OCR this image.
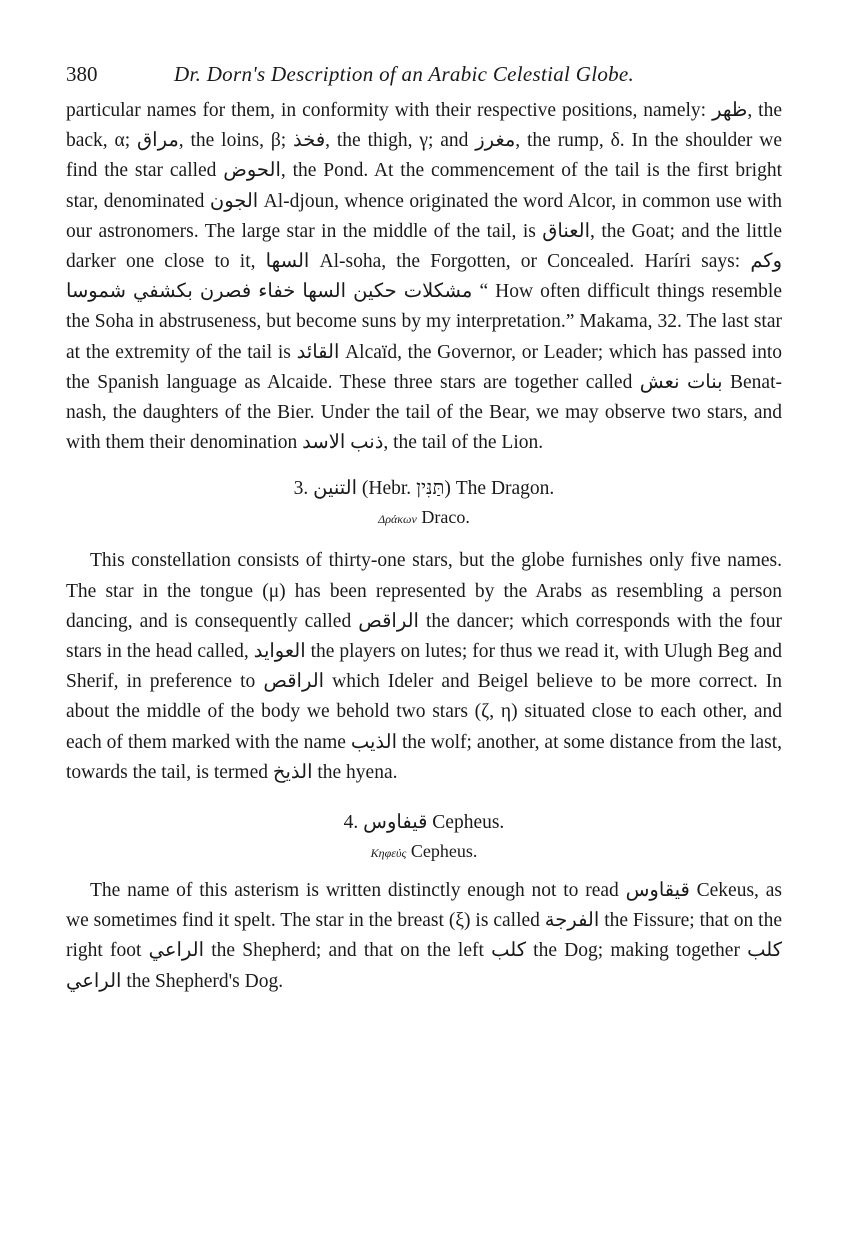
380	Dr. Dorn's Description of an Arabic Celestial Globe.

particular names for them, in conformity with their respective positions, namely: ظهر, the back, α; مراق, the loins, β; فخذ, the thigh, γ; and مغرز, the rump, δ. In the shoulder we find the star called الحوض, the Pond. At the commencement of the tail is the first bright star, denominated الجون Al-djoun, whence originated the word Alcor, in common use with our astronomers. The large star in the middle of the tail, is العناق, the Goat; and the little darker one close to it, السها Al-soha, the Forgotten, or Concealed. Haríri says: وكم مشكلات حكين السها خفاء فصرن بكشفي شموسا “ How often difficult things resemble the Soha in abstruseness, but become suns by my interpretation.” Makama, 32. The last star at the extremity of the tail is القائد Alcaïd, the Governor, or Leader; which has passed into the Spanish language as Alcaide. These three stars are together called بنات نعش Benat-nash, the daughters of the Bier. Under the tail of the Bear, we may observe two stars, and with them their denomination ذنب الاسد, the tail of the Lion.

3. التنين (Hebr. תַּנִּין) The Dragon.
Δράκων Draco.

This constellation consists of thirty-one stars, but the globe furnishes only five names. The star in the tongue (μ) has been represented by the Arabs as resembling a person dancing, and is consequently called الراقص the dancer; which corresponds with the four stars in the head called, العوايد the players on lutes; for thus we read it, with Ulugh Beg and Sherif, in preference to الراقص which Ideler and Beigel believe to be more correct. In about the middle of the body we behold two stars (ζ, η) situated close to each other, and each of them marked with the name الذيب the wolf; another, at some distance from the last, towards the tail, is termed الذيخ the hyena.

4. قيفاوس Cepheus.
Κηφεύς Cepheus.

The name of this asterism is written distinctly enough not to read قيقاوس Cekeus, as we sometimes find it spelt. The star in the breast (ξ) is called الفرجة the Fissure; that on the right foot الراعي the Shepherd; and that on the left كلب the Dog; making together كلب الراعي the Shepherd's Dog.
